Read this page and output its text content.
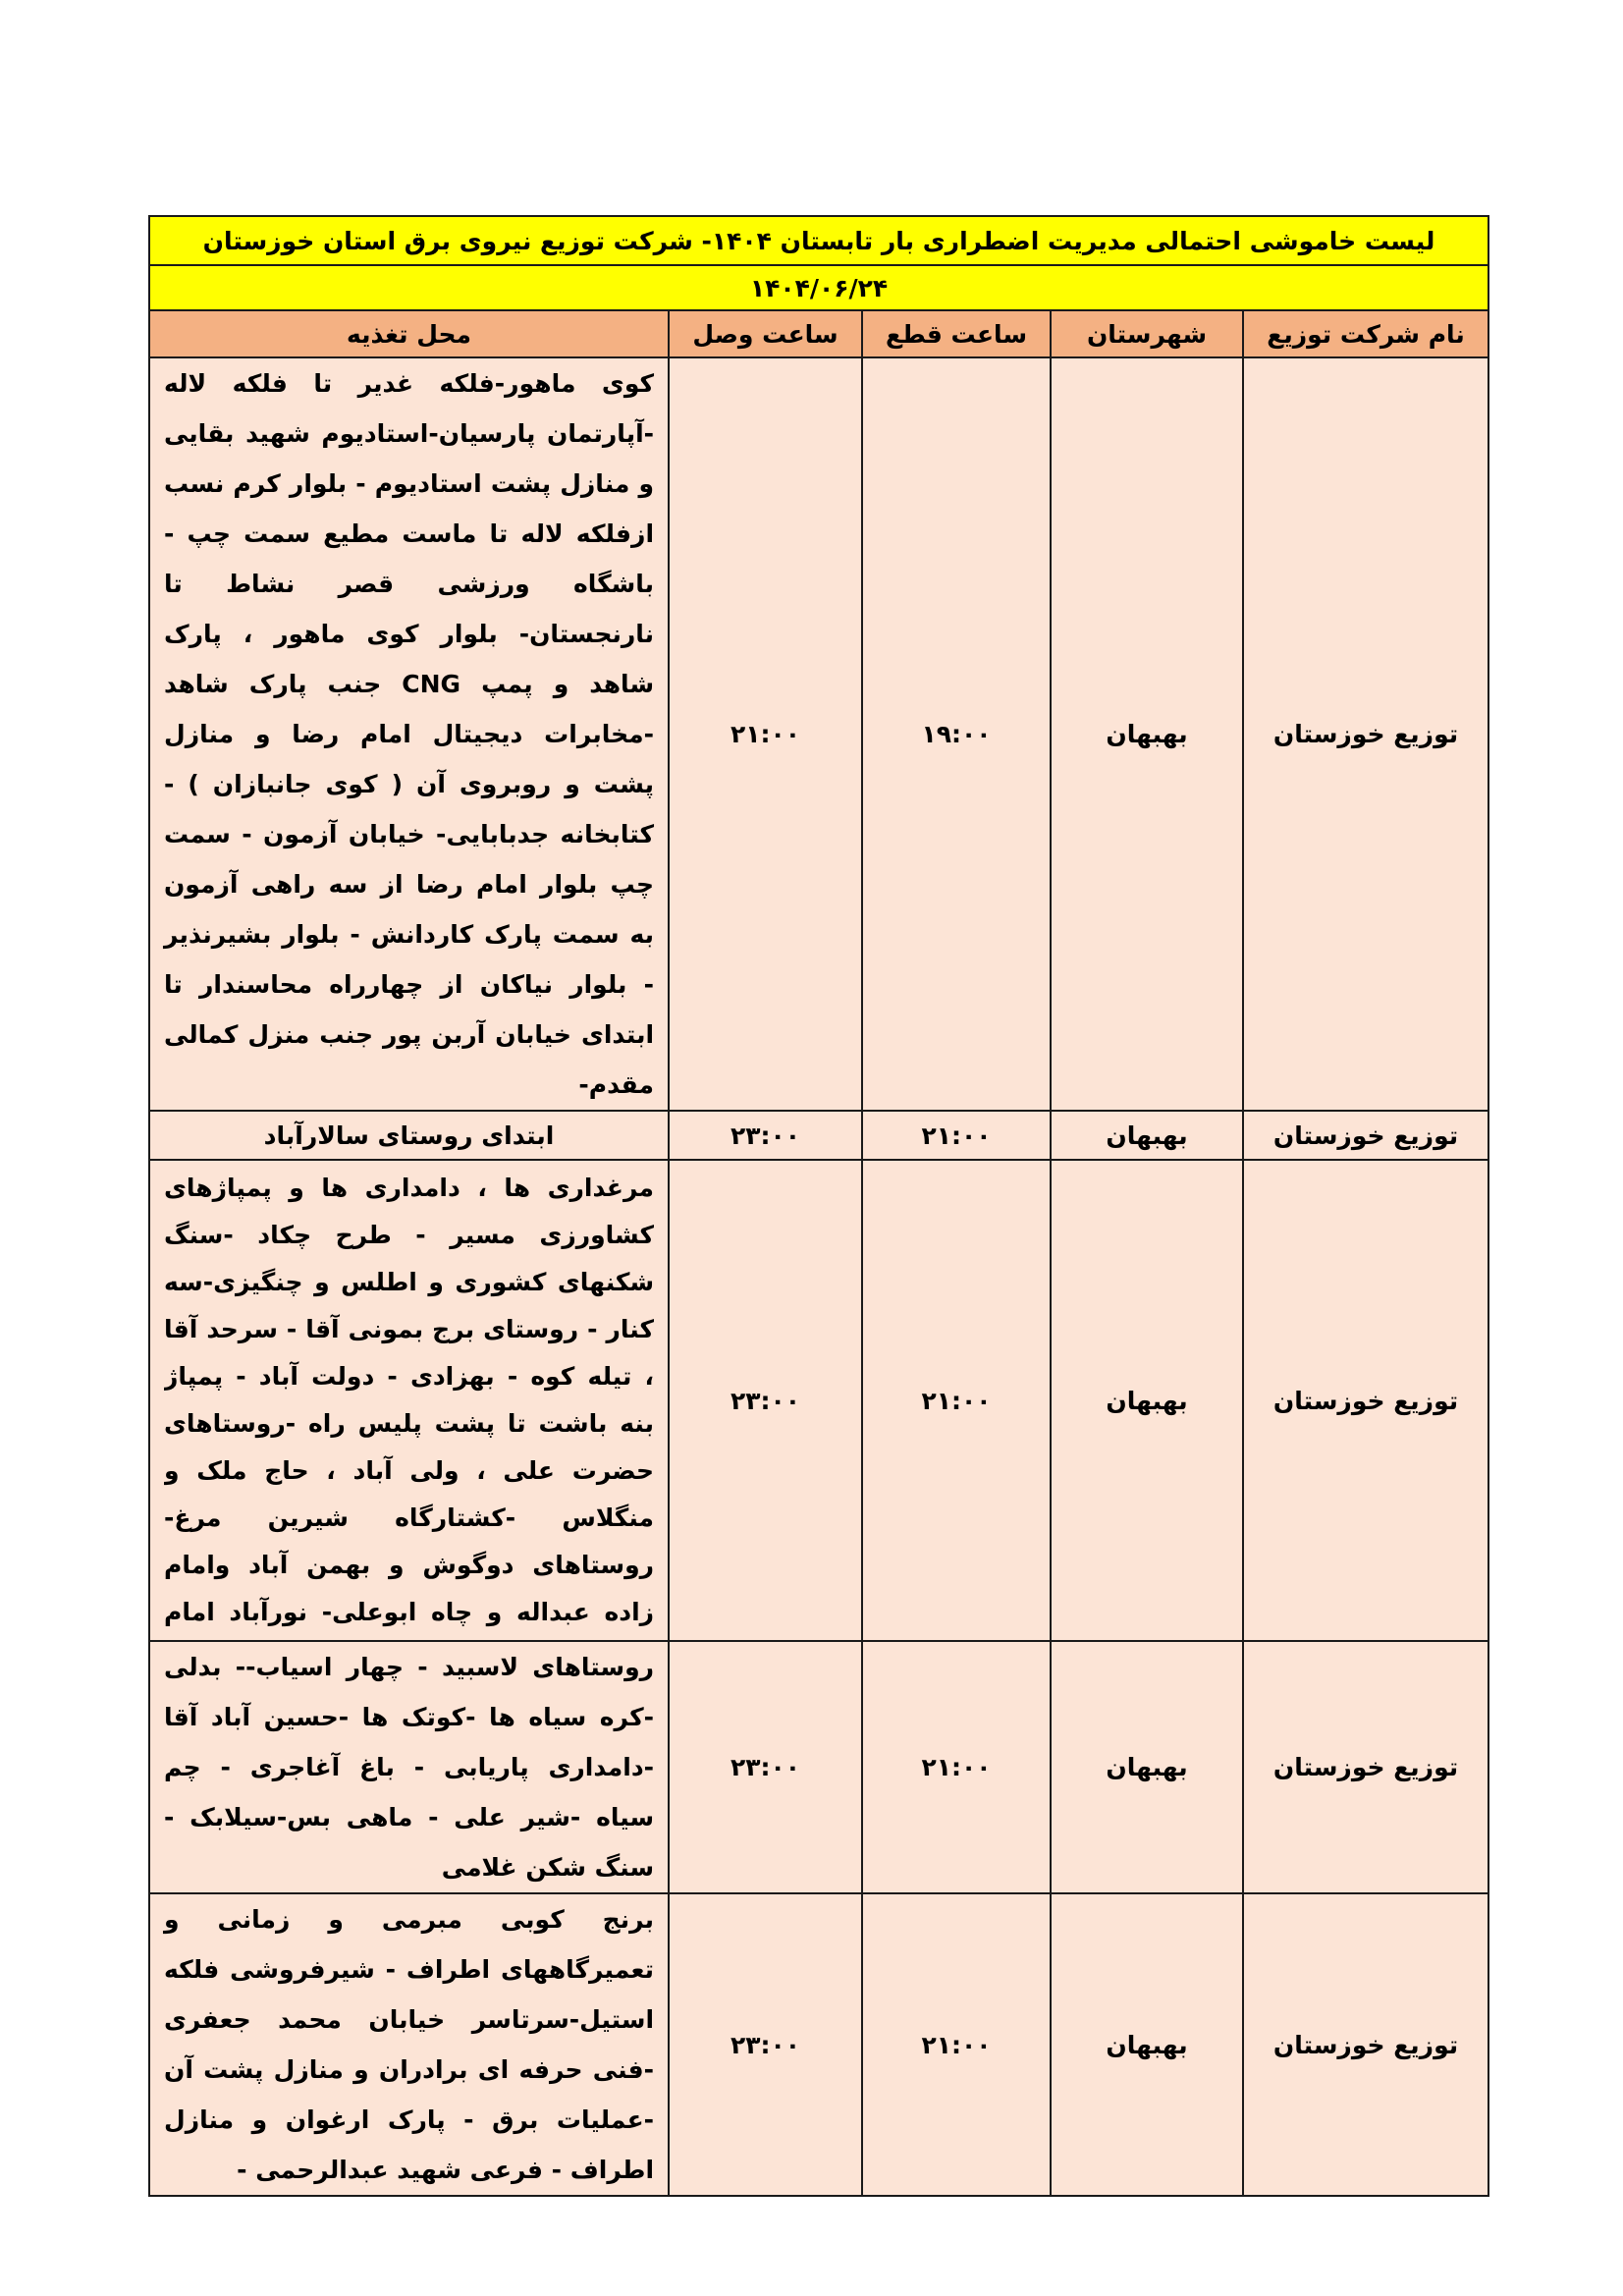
لیست خاموشی احتمالی مدیریت اضطراری بار تابستان ۱۴۰۴- شرکت توزیع نیروی برق استان خوزستان				
۱۴۰۴/۰۶/۲۴				
نام شرکت توزیع	شهرستان	ساعت قطع	ساعت وصل	محل تغذیه
توزیع خوزستان	بهبهان	۱۹:۰۰	۲۱:۰۰	کوی ماهور-فلکه غدیر تا فلکه لاله -آپارتمان پارسیان-استادیوم شهید بقایی و منازل پشت استادیوم - بلوار کرم نسب ازفلکه لاله تا ماست مطیع سمت چپ - باشگاه ورزشی قصر نشاط تا نارنجستان- بلوار کوی ماهور ، پارک شاهد و پمپ CNG جنب پارک شاهد -مخابرات دیجیتال امام رضا و منازل پشت و روبروی آن ( کوی جانبازان ) - کتابخانه جدبابایی- خیابان آزمون - سمت چپ بلوار امام رضا از سه راهی آزمون به سمت پارک کاردانش - بلوار بشیرنذیر - بلوار نیاکان از چهارراه محاسندار تا ابتدای خیابان آربن پور جنب منزل کمالی مقدم-
توزیع خوزستان	بهبهان	۲۱:۰۰	۲۳:۰۰	ابتدای روستای سالارآباد
توزیع خوزستان	بهبهان	۲۱:۰۰	۲۳:۰۰	مرغداری ها ، دامداری ها و پمپاژهای کشاورزی مسیر - طرح چکاد -سنگ شکنهای کشوری و اطلس و چنگیزی-سه کنار - روستای برج بمونی آقا - سرحد آقا ، تیله کوه - بهزادی - دولت آباد - پمپاژ بنه باشت تا پشت پلیس راه -روستاهای حضرت علی ، ولی آباد ، حاج ملک و منگلاس -کشتارگاه شیرین مرغ- روستاهای دوگوش و بهمن آباد وامام زاده عبداله و چاه ابوعلی- نورآباد امام

توزیع خوزستان	بهبهان	۲۱:۰۰	۲۳:۰۰	روستاهای لاسبید - چهار اسیاب-- بدلی -کره سیاه ها -کوتک ها -حسین آباد آقا -دامداری پاریابی - باغ آغاجری - چم سیاه -شیر علی - ماهی بس-سیلابک - سنگ شکن غلامی
توزیع خوزستان	بهبهان	۲۱:۰۰	۲۳:۰۰	برنج کوبی مبرمی و زمانی و تعمیرگاههای اطراف - شیرفروشی فلکه استیل-سرتاسر خیابان محمد جعفری -فنی حرفه ای برادران و منازل پشت آن -عملیات برق - پارک ارغوان و منازل اطراف - فرعی شهید عبدالرحمی -
